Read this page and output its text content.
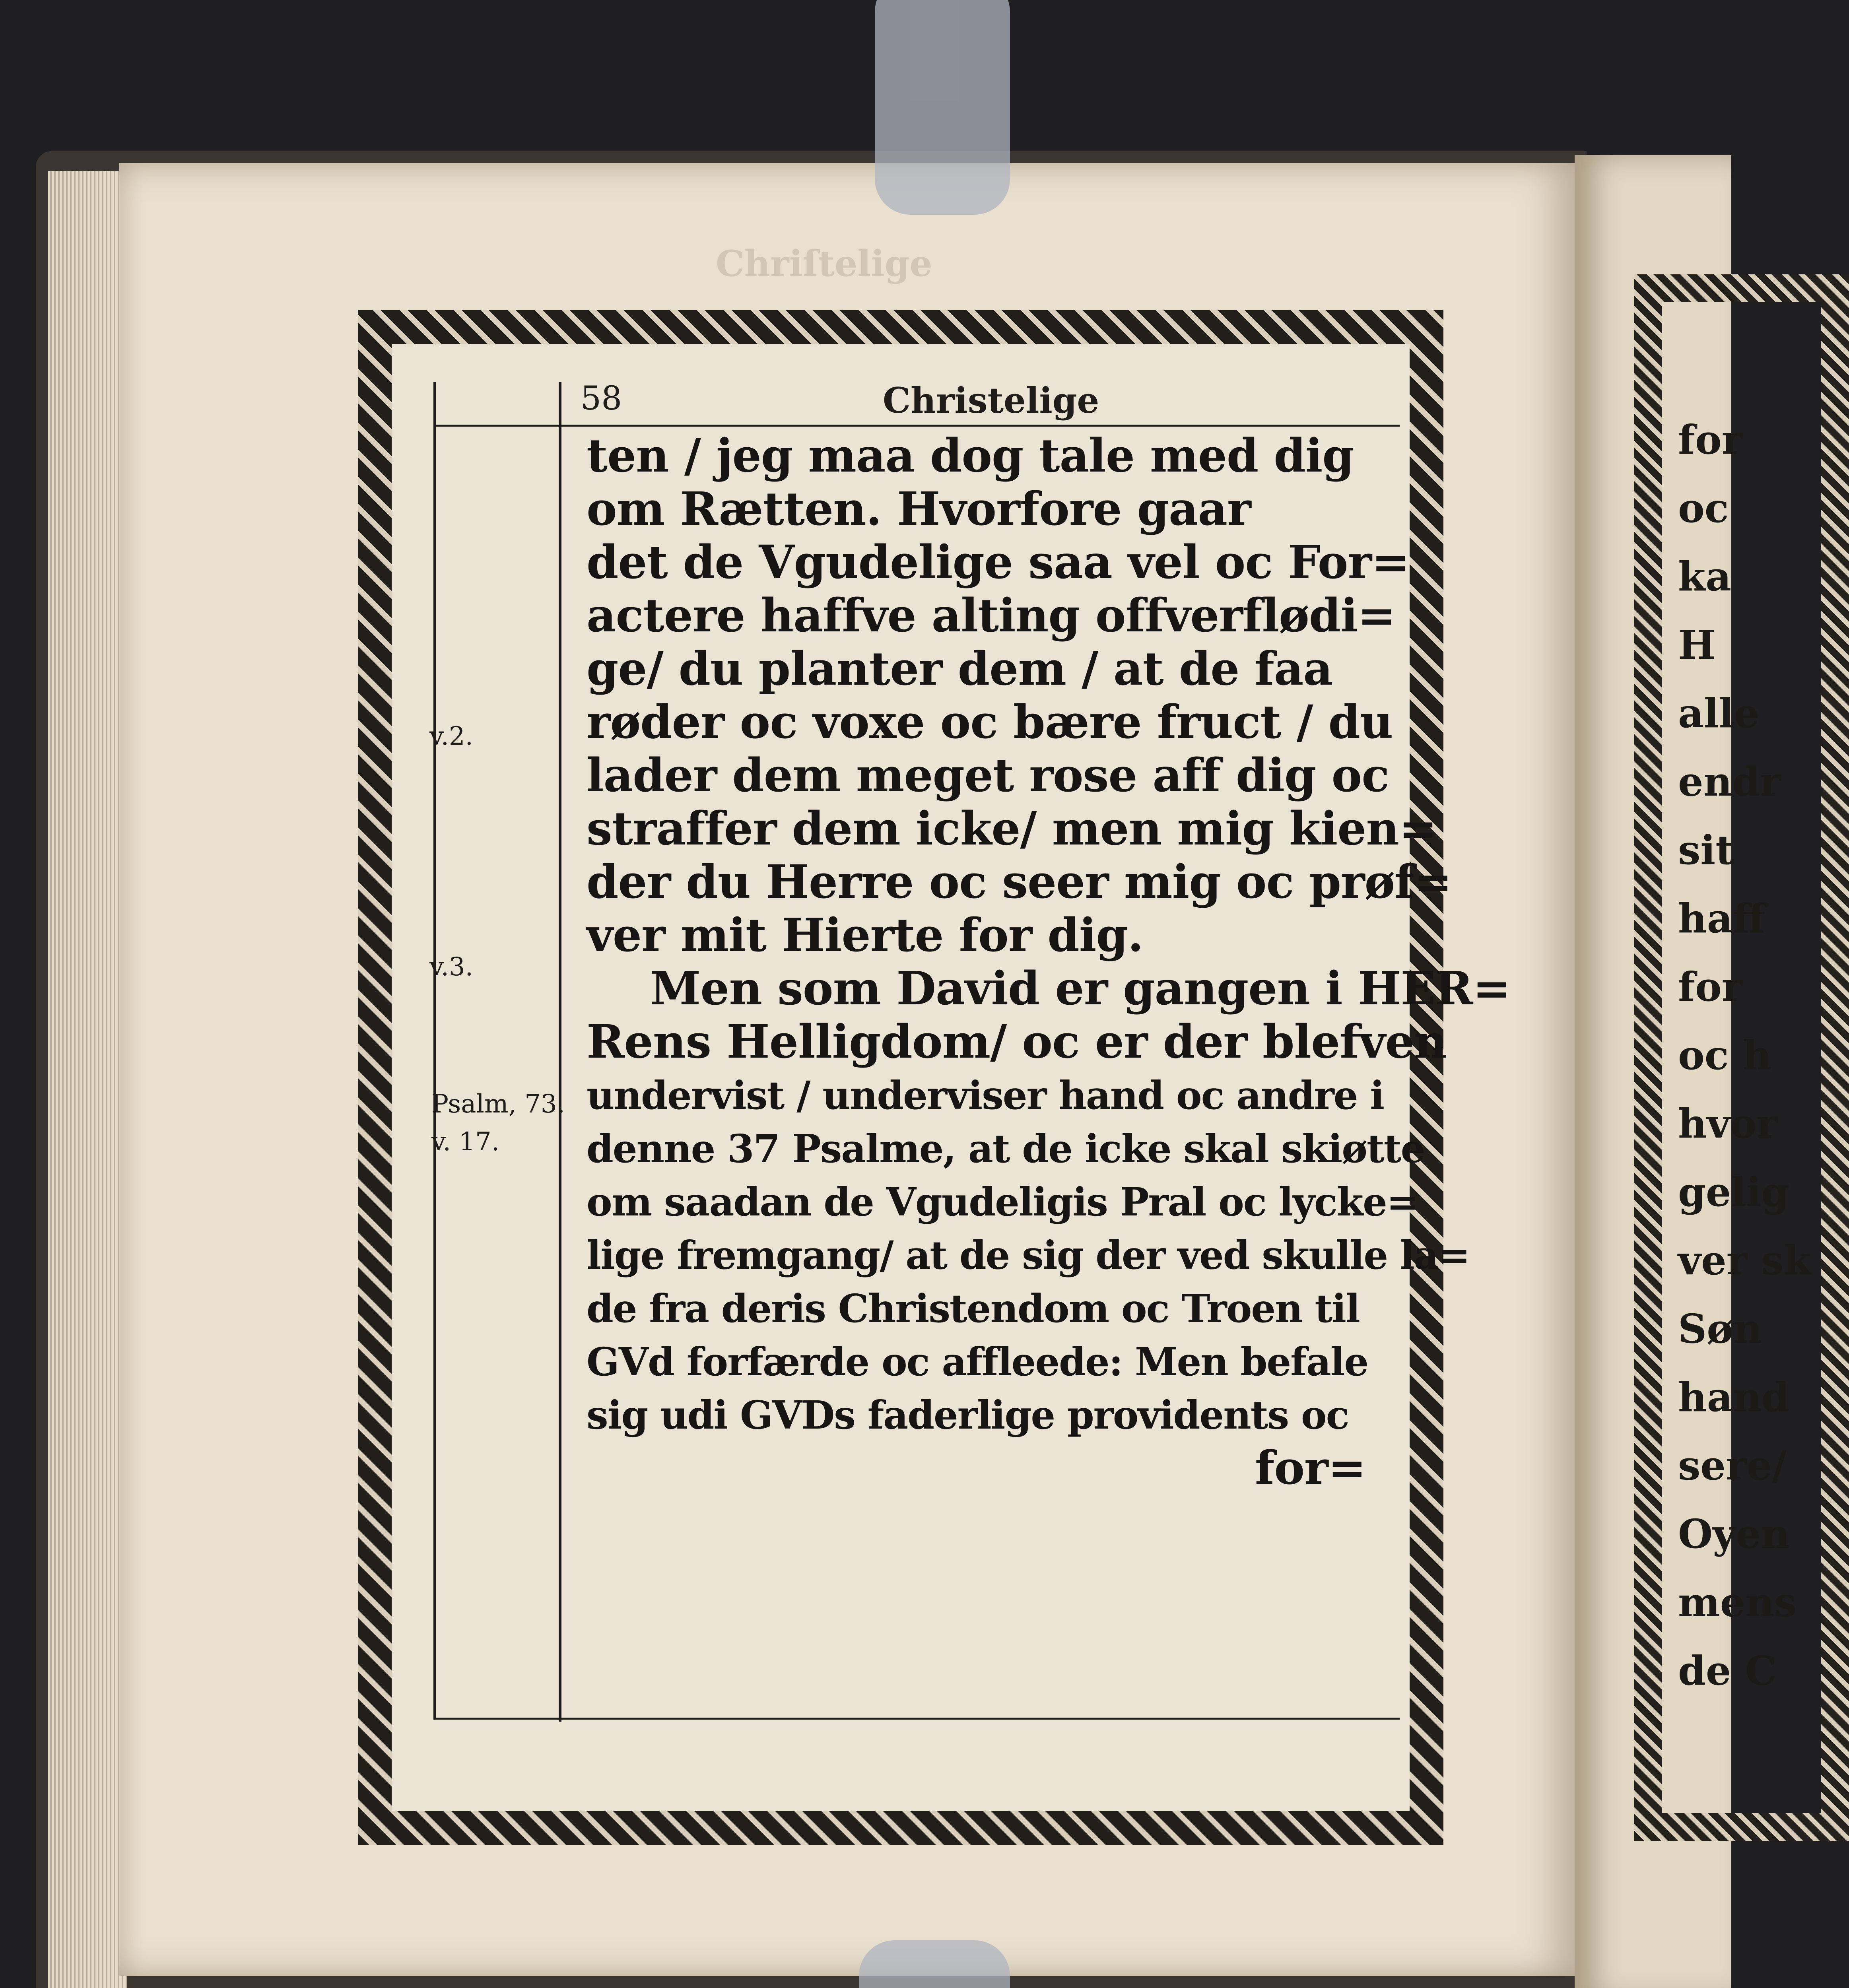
Chriſtelige
for
oc
ka
H
alle
endr
sit
haff
for
oc h
hvor
gelig
ver sk
Søn
hand
sere/
Oyen
mens
de C
58	Christelige
v.2.
v.3.
Psalm, 73.
v. 17.
ten / jeg maa dog tale med dig
om Rætten. Hvorfore gaar
det de Vgudelige saa vel oc For=
actere haffve alting offverflødi=
ge/ du planter dem / at de faa
røder oc voxe oc bære fruct / du
lader dem meget rose aff dig oc
straffer dem icke/ men mig kien=
der du Herre oc seer mig oc prøf=
ver mit Hierte for dig.
Men som David er gangen i HER=
Rens Helligdom/ oc er der blefven
undervist / underviser hand oc andre i
denne 37 Psalme, at de icke skal skiøtte
om saadan de Vgudeligis Pral oc lycke=
lige fremgang/ at de sig der ved skulle la=
de fra deris Christendom oc Troen til
GVd forfærde oc affleede: Men befale
sig udi GVDs faderlige providents oc
for=
